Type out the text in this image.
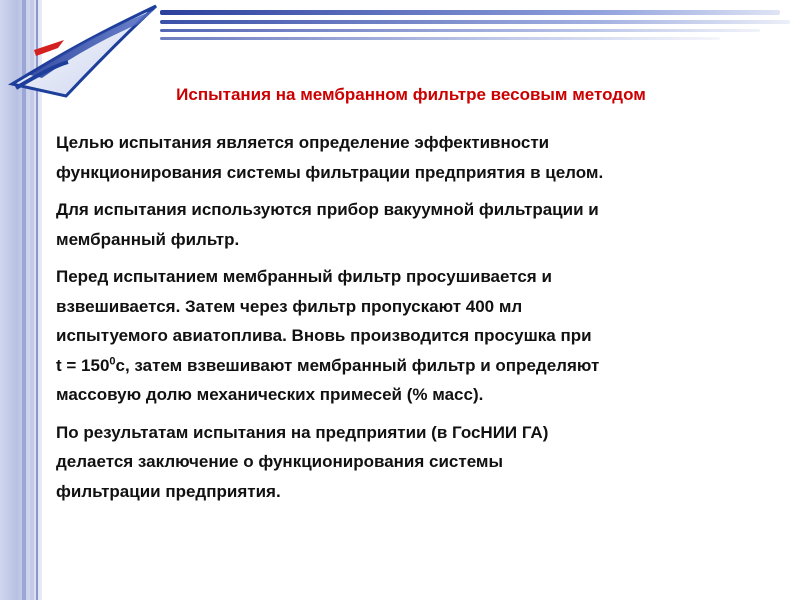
Испытания на мембранном фильтре весовым методом

Целью испытания является определение эффективности
функционирования системы фильтрации предприятия в целом.

Для испытания используются прибор вакуумной фильтрации и
мембранный фильтр.

Перед испытанием мембранный фильтр просушивается и
взвешивается. Затем через фильтр пропускают 400 мл
испытуемого авиатоплива. Вновь производится просушка при
$t = 150^0с$, затем взвешивают мембранный фильтр и определяют
массовую долю механических примесей (% масс).

По результатам испытания на предприятии (в ГосНИИ ГА)
делается заключение о функционирования системы
фильтрации предприятия.
